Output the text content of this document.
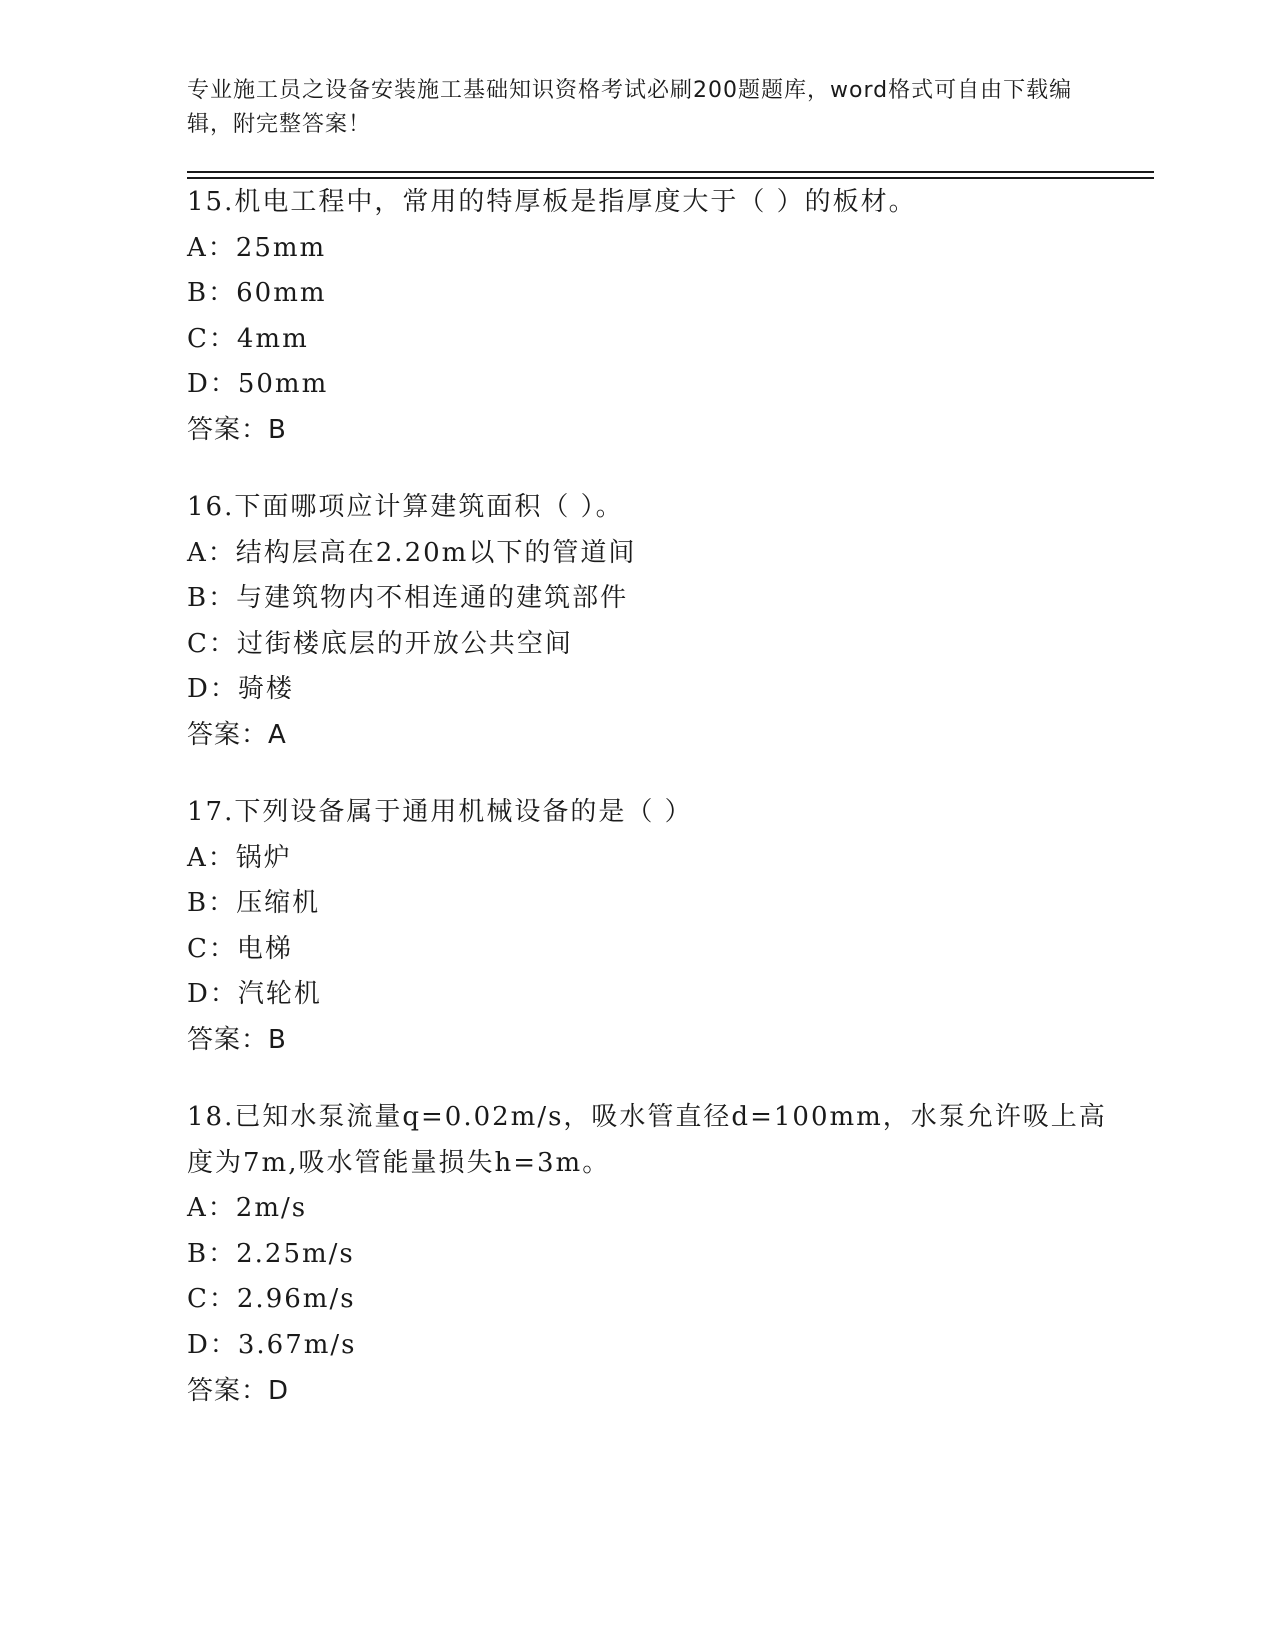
专业施工员之设备安装施工基础知识资格考试必刷200题题库，word格式可自由下载编辑，附完整答案！
15.机电工程中，常用的特厚板是指厚度大于（ ）的板材。
A：25mm
B：60mm
C：4mm
D：50mm
答案：B
16.下面哪项应计算建筑面积（ ）。
A：结构层高在2.20m以下的管道间
B：与建筑物内不相连通的建筑部件
C：过街楼底层的开放公共空间
D：骑楼
答案：A
17.下列设备属于通用机械设备的是（ ）
A：锅炉
B：压缩机
C：电梯
D：汽轮机
答案：B
18.已知水泵流量q=0.02m/s，吸水管直径d=100mm，水泵允许吸上高
度为7m,吸水管能量损失h=3m。
A：2m/s
B：2.25m/s
C：2.96m/s
D：3.67m/s
答案：D
